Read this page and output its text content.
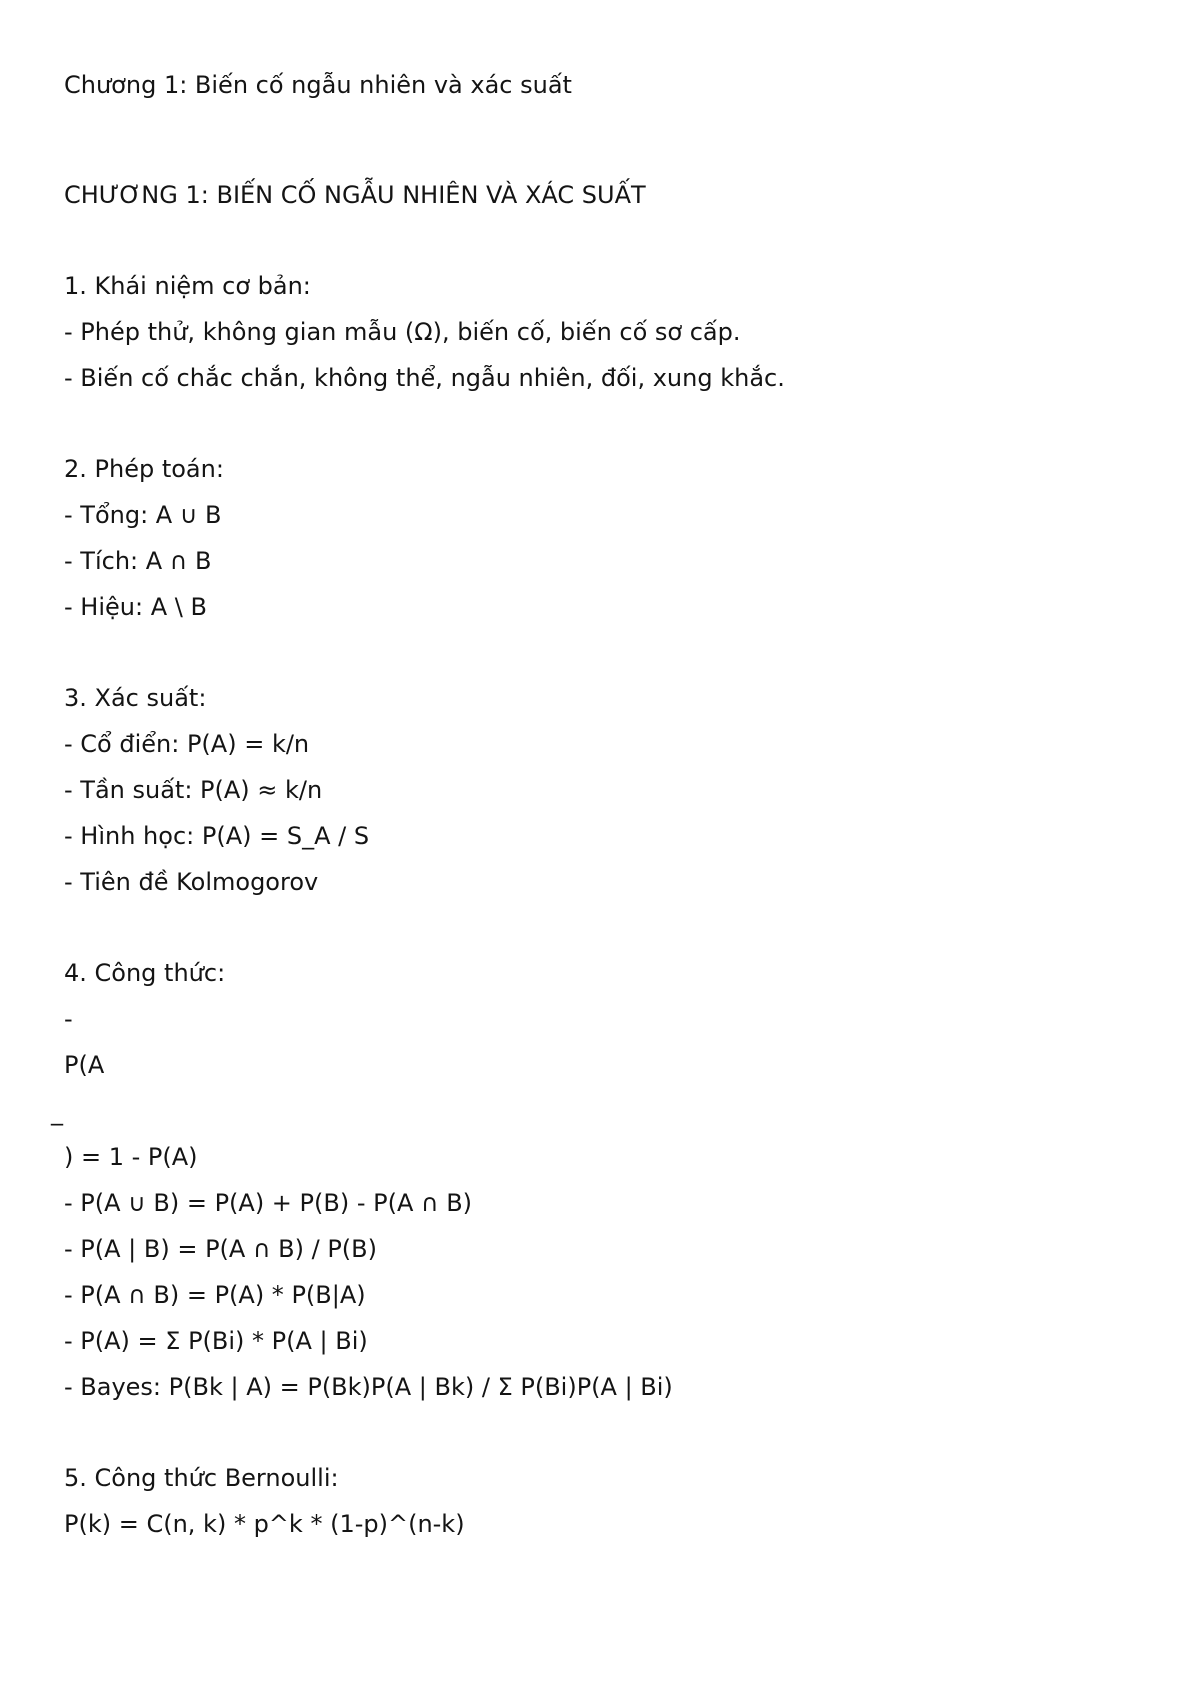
Chương 1: Biến cố ngẫu nhiên và xác suất
CHƯƠNG 1: BIẾN CỐ NGẪU NHIÊN VÀ XÁC SUẤT
1. Khái niệm cơ bản:
- Phép thử, không gian mẫu (Ω), biến cố, biến cố sơ cấp.
- Biến cố chắc chắn, không thể, ngẫu nhiên, đối, xung khắc.
2. Phép toán:
- Tổng: A ∪ B
- Tích: A ∩ B
- Hiệu: A \ B
3. Xác suất:
- Cổ điển: P(A) = k/n
- Tần suất: P(A) ≈ k/n
- Hình học: P(A) = S_A / S
- Tiên đề Kolmogorov
4. Công thức:
-
P(A
_
) = 1 - P(A)
- P(A ∪ B) = P(A) + P(B) - P(A ∩ B)
- P(A | B) = P(A ∩ B) / P(B)
- P(A ∩ B) = P(A) * P(B|A)
- P(A) = Σ P(Bi) * P(A | Bi)
- Bayes: P(Bk | A) = P(Bk)P(A | Bk) / Σ P(Bi)P(A | Bi)
5. Công thức Bernoulli:
P(k) = C(n, k) * p^k * (1-p)^(n-k)
